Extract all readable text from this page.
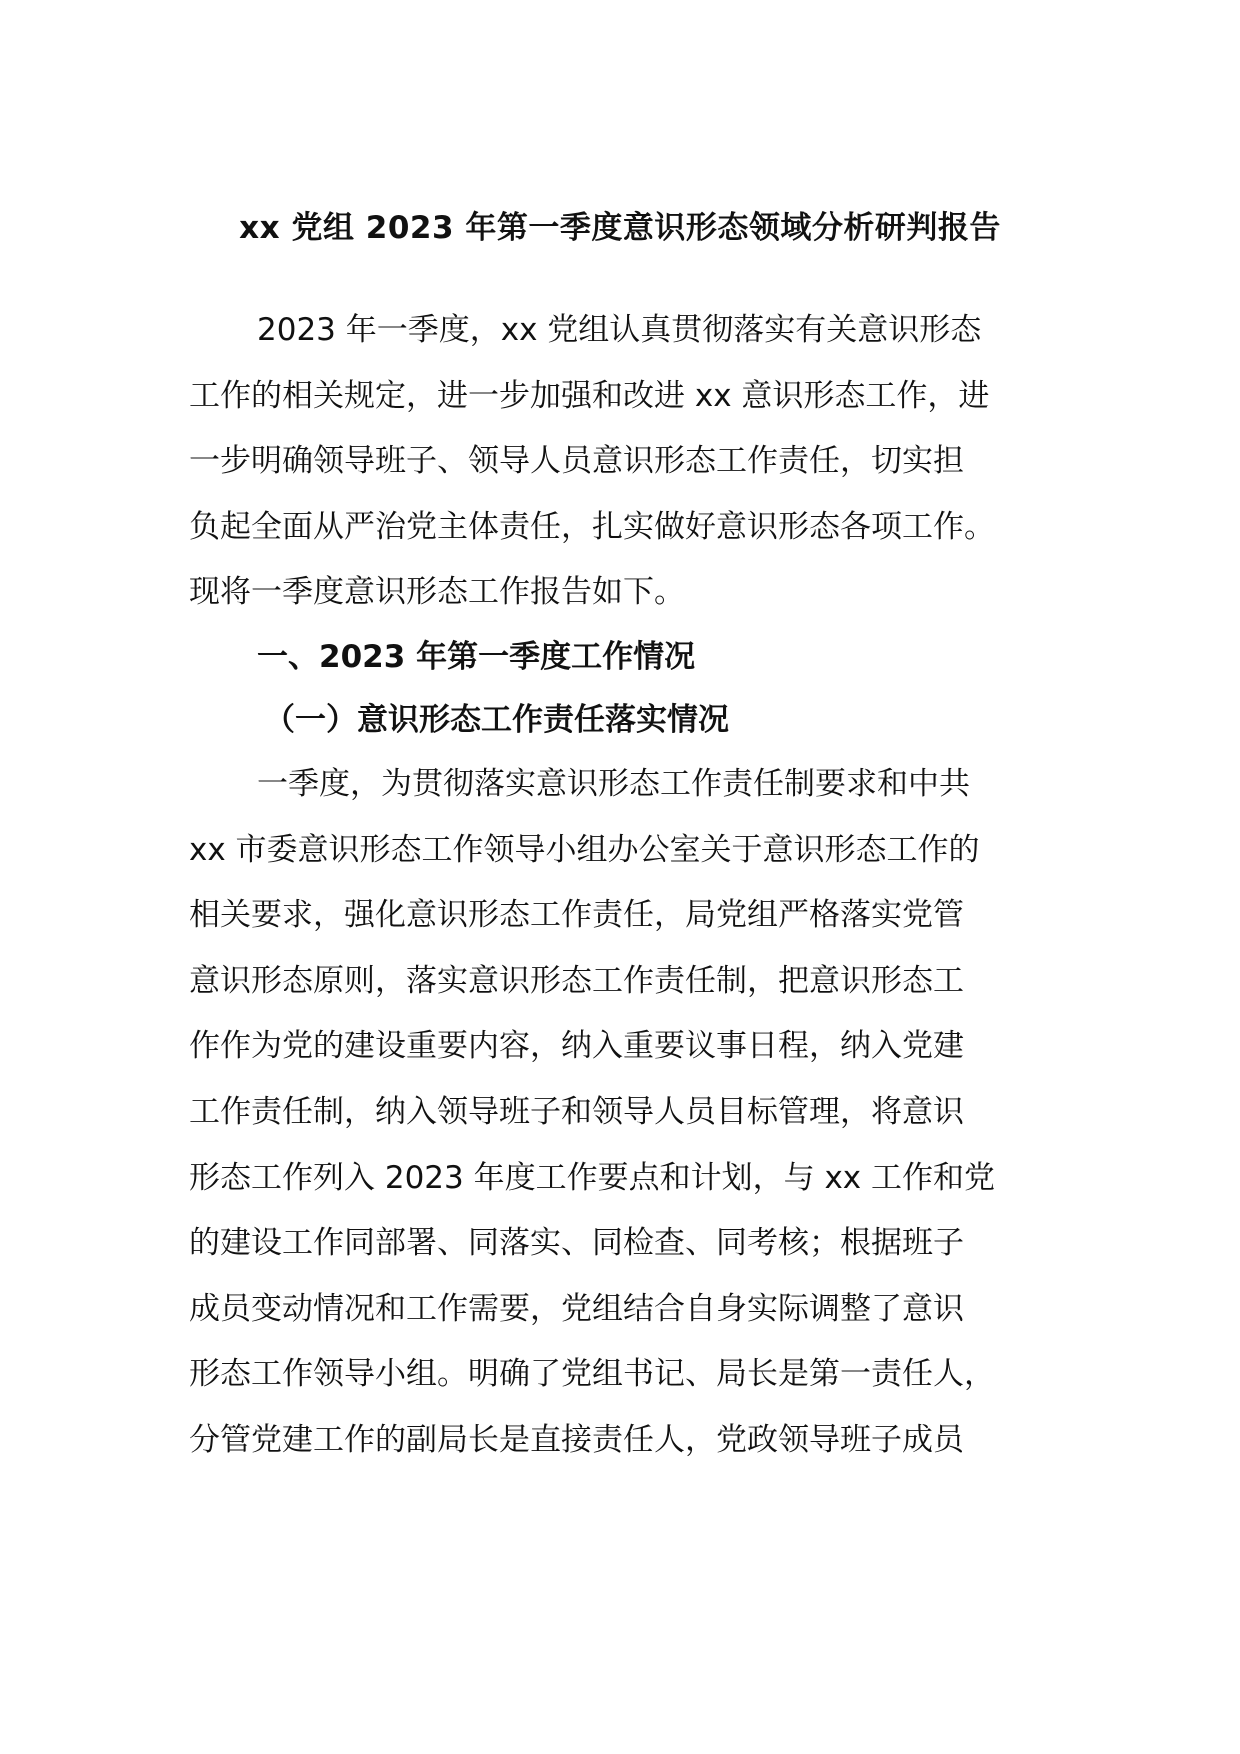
xx 党组 2023 年第一季度意识形态领域分析研判报告
2023 年一季度，xx 党组认真贯彻落实有关意识形态
工作的相关规定，进一步加强和改进 xx 意识形态工作，进
一步明确领导班子、领导人员意识形态工作责任，切实担
负起全面从严治党主体责任，扎实做好意识形态各项工作。
现将一季度意识形态工作报告如下。
一、2023 年第一季度工作情况
（一）意识形态工作责任落实情况
一季度，为贯彻落实意识形态工作责任制要求和中共
xx 市委意识形态工作领导小组办公室关于意识形态工作的
相关要求，强化意识形态工作责任，局党组严格落实党管
意识形态原则，落实意识形态工作责任制，把意识形态工
作作为党的建设重要内容，纳入重要议事日程，纳入党建
工作责任制，纳入领导班子和领导人员目标管理，将意识
形态工作列入 2023 年度工作要点和计划，与 xx 工作和党
的建设工作同部署、同落实、同检查、同考核；根据班子
成员变动情况和工作需要，党组结合自身实际调整了意识
形态工作领导小组。明确了党组书记、局长是第一责任人，
分管党建工作的副局长是直接责任人，党政领导班子成员
